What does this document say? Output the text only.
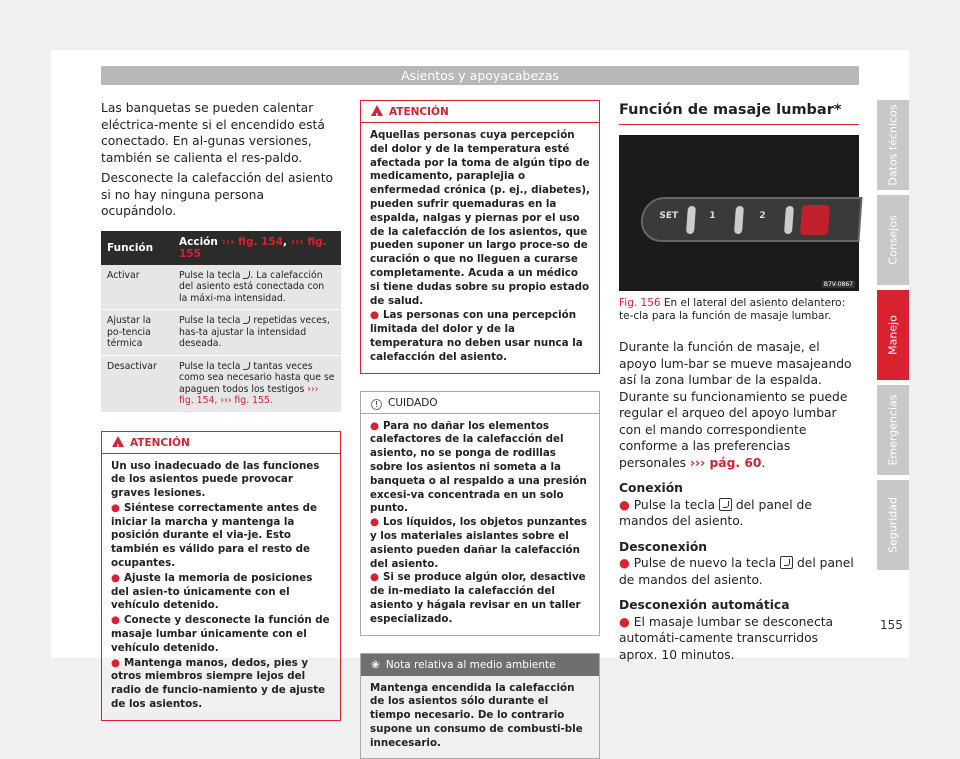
Asientos y apoyacabezas

Las banquetas se pueden calentar eléctrica-mente si el encendido está conectado. En al-gunas versiones, también se calienta el res-paldo.

Desconecte la calefacción del asiento si no hay ninguna persona ocupándolo.

Función	Acción ››› fig. 154, ››› fig. 155
Activar	Pulse la tecla . La calefacción del asiento está conectada con la máxi-ma intensidad.
Ajustar la po-tencia térmica	Pulse la tecla  repetidas veces, has-ta ajustar la intensidad deseada.
Desactivar	Pulse la tecla  tantas veces como sea necesario hasta que se apaguen todos los testigos ››› fig. 154, ››› fig. 155.
!ATENCIÓN
Un uso inadecuado de las funciones de los asientos puede provocar graves lesiones.
● Siéntese correctamente antes de iniciar la marcha y mantenga la posición durante el via-je. Esto también es válido para el resto de ocupantes.
● Ajuste la memoria de posiciones del asien-to únicamente con el vehículo detenido.
● Conecte y desconecte la función de masaje lumbar únicamente con el vehículo detenido.
● Mantenga manos, dedos, pies y otros miembros siempre lejos del radio de funcio-namiento y de ajuste de los asientos.
!ATENCIÓN
Aquellas personas cuya percepción del dolor y de la temperatura esté afectada por la toma de algún tipo de medicamento, paraplejia o enfermedad crónica (p. ej., diabetes), pueden sufrir quemaduras en la espalda, nalgas y piernas por el uso de la calefacción de los asientos, que pueden suponer un largo proce-so de curación o que no lleguen a curarse completamente. Acuda a un médico si tiene dudas sobre su propio estado de salud.
● Las personas con una percepción limitada del dolor y de la temperatura no deben usar nunca la calefacción del asiento.
! CUIDADO
● Para no dañar los elementos calefactores de la calefacción del asiento, no se ponga de rodillas sobre los asientos ni someta a la banqueta o al respaldo a una presión excesi-va concentrada en un solo punto.
● Los líquidos, los objetos punzantes y los materiales aislantes sobre el asiento pueden dañar la calefacción del asiento.
● Si se produce algún olor, desactive de in-mediato la calefacción del asiento y hágala revisar en un taller especializado.
❀ Nota relativa al medio ambiente
Mantenga encendida la calefacción de los asientos sólo durante el tiempo necesario. De lo contrario supone un consumo de combusti-ble innecesario.
Función de masaje lumbar*
SET	1	2
B7V-0867
Fig. 156 En el lateral del asiento delantero: te-cla para la función de masaje lumbar.

Durante la función de masaje, el apoyo lum-bar se mueve masajeando así la zona lumbar de la espalda. Durante su funcionamiento se puede regular el arqueo del apoyo lumbar con el mando correspondiente conforme a las preferencias personales ››› pág. 60.

Conexión

● Pulse la tecla  del panel de mandos del asiento.

Desconexión

● Pulse de nuevo la tecla  del panel de mandos del asiento.

Desconexión automática

● El masaje lumbar se desconecta automáti-camente transcurridos aprox. 10 minutos.

Datos técnicos
Consejos
Manejo
Emergencias
Seguridad
155
